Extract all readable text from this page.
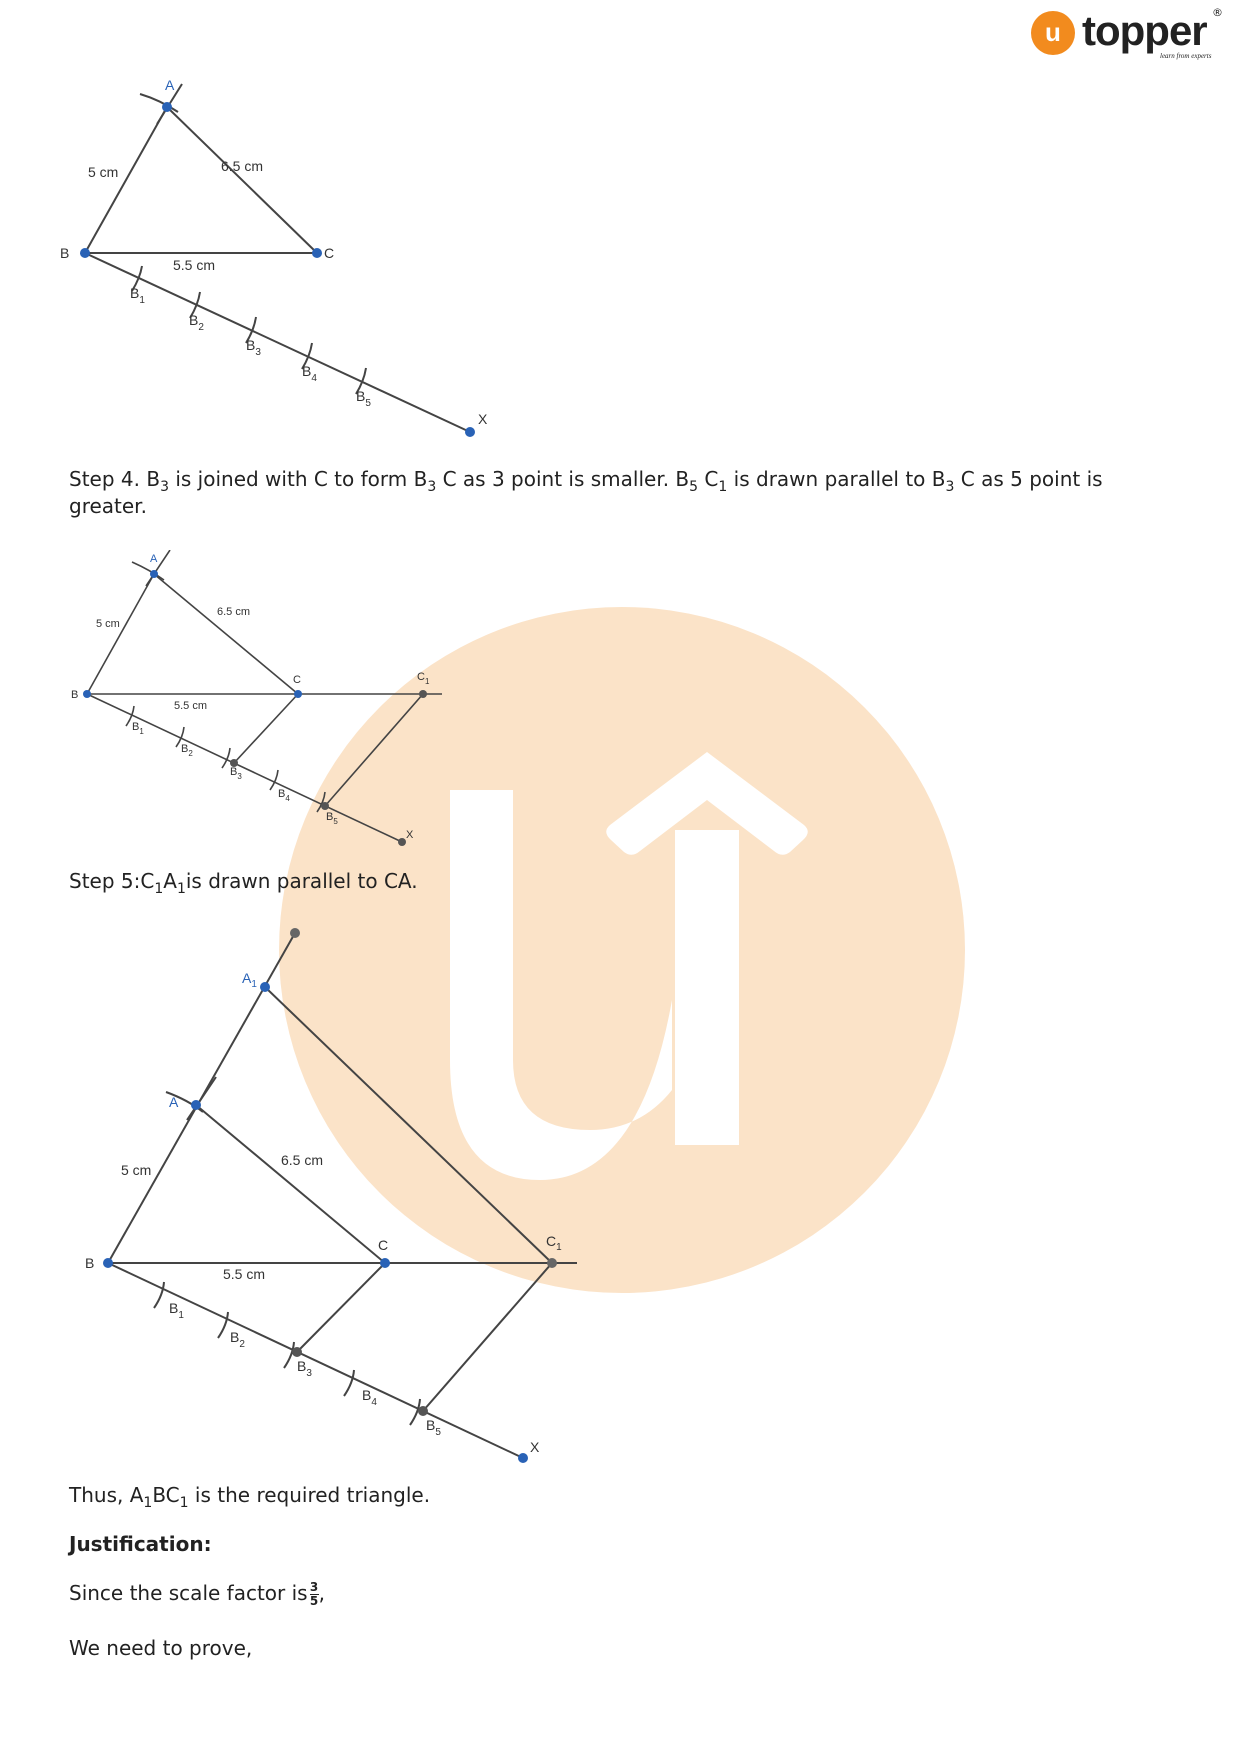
u topper ®
learn from experts
A
B	C
X
5 cm	6.5 cm
5.5 cm
$B_1$
$B_2$
$B_3$
$B_4$
$B_5$
Step 4. $B_3$ is joined with C to form $B_3$ C as 3 point is smaller. $B_5$ $C_1$ is drawn parallel to $B_3$ C as 5 point is greater.
A
B
C	$C_1$
X
5 cm
6.5 cm
5.5 cm
$B_1$
$B_2$
$B_3$
$B_4$
$B_5$
Step $5:C_1A_1is$ drawn parallel to CA.
$A_1$
A
B
C	$C_1$
X
5 cm
6.5 cm
5.5 cm
$B_1$
$B_2$
$B_3$
$B_4$
$B_5$
Thus, $A_1BC_1$ is the required triangle.
Justification:
Since the scale factor is $\frac{3}{5}$,
We need to prove,
